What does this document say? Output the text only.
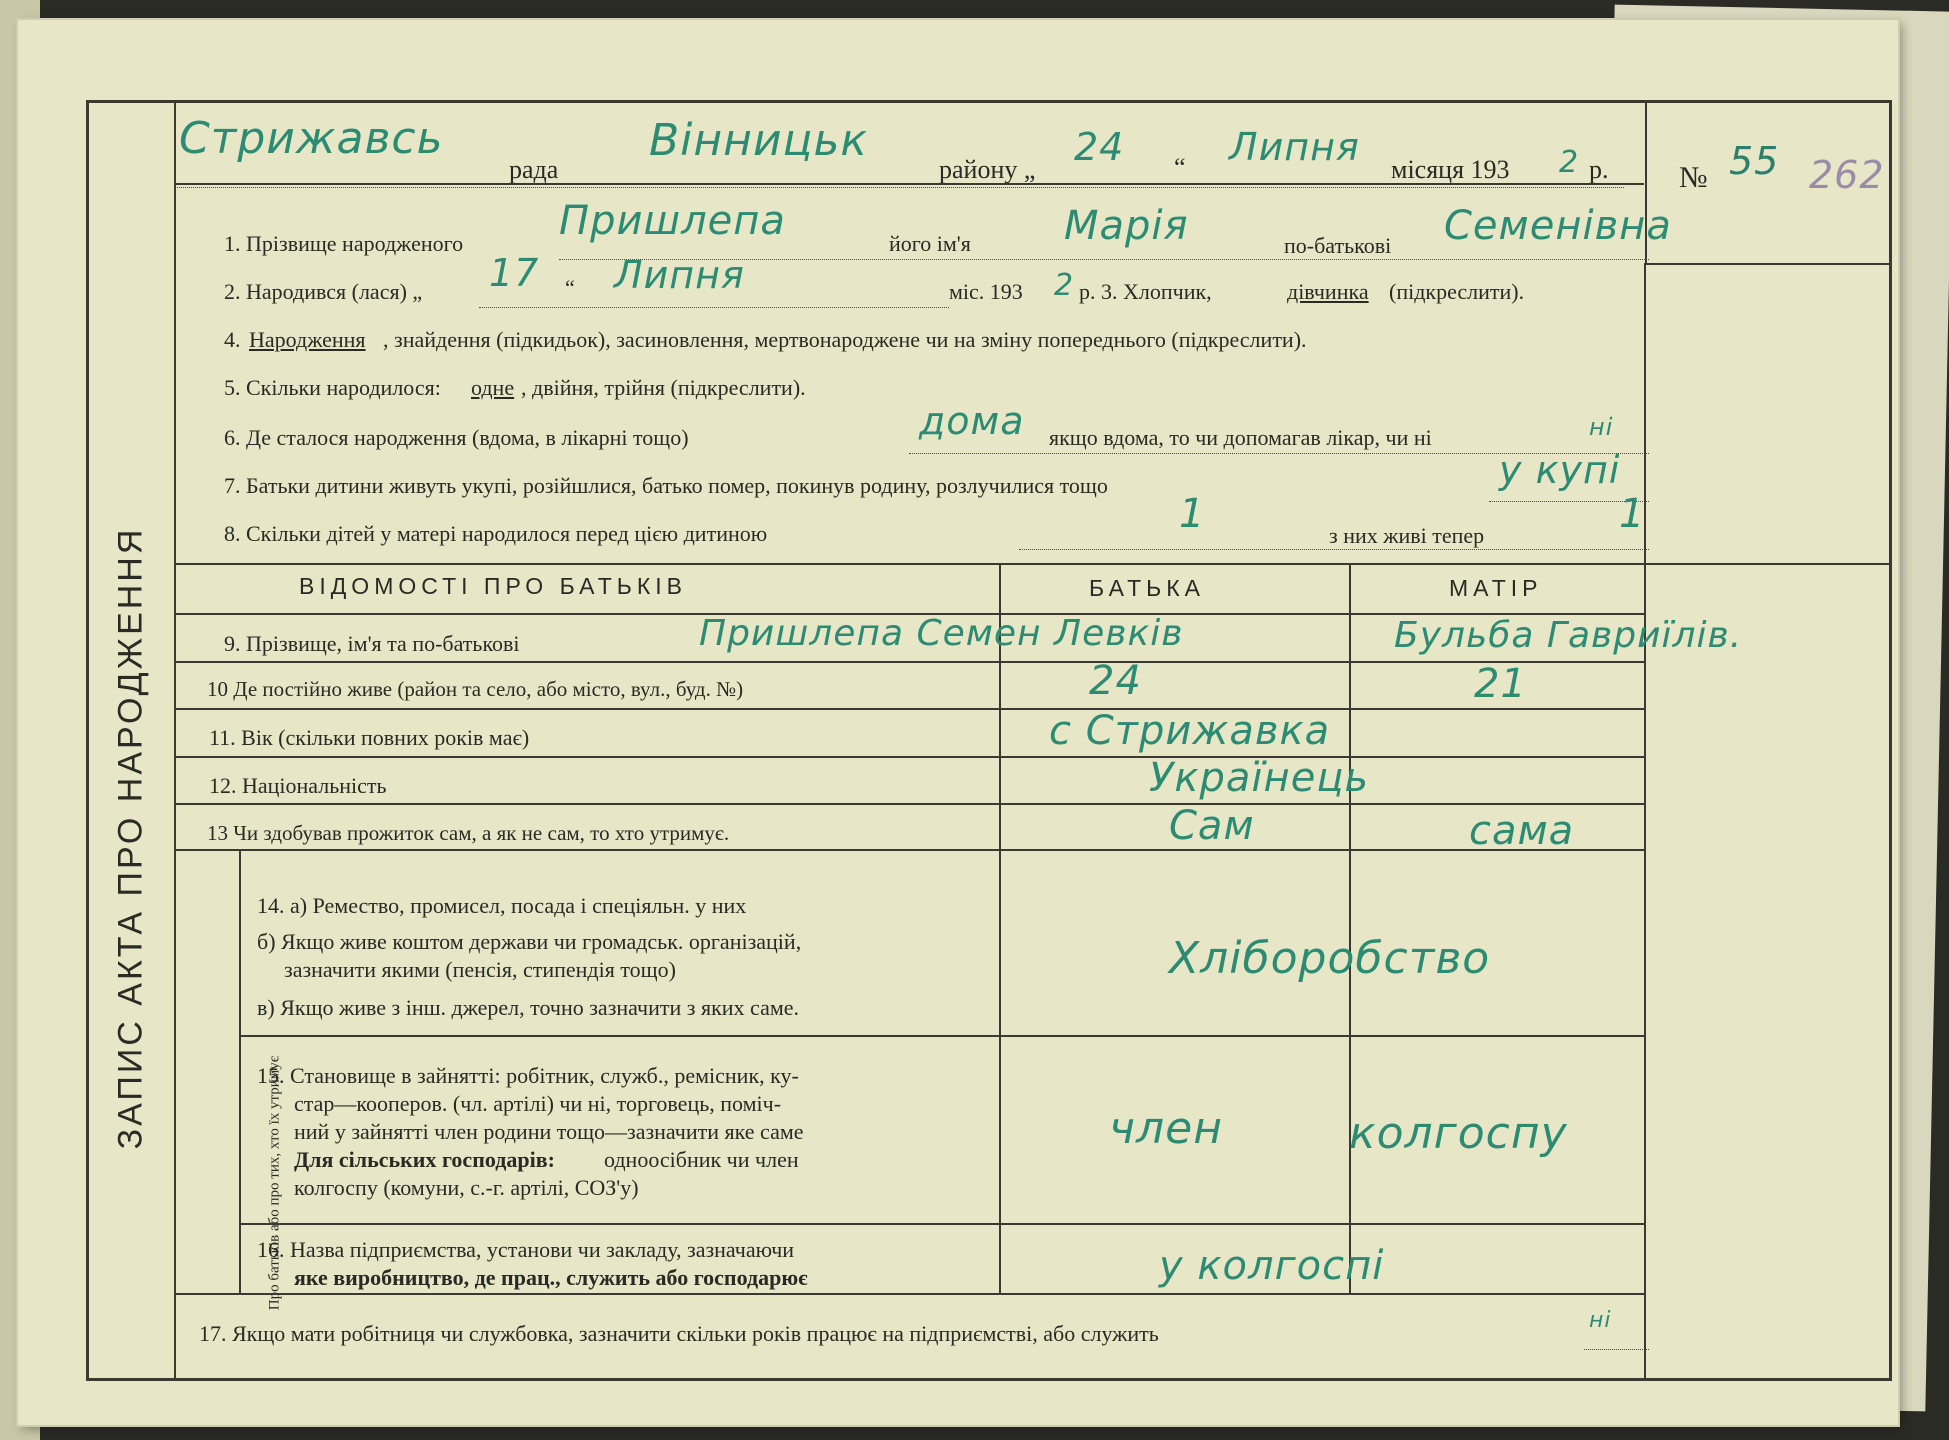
ЗАПИС АКТА ПРО НАРОДЖЕННЯ
Стрижавсь
рада
Вінницьк
району „
24 “ Липня
місяця 193 2 р. № 55 262
1. Прізвище народженого Пришлепа	його ім'я Марія	по-батькові Семенівна
2. Народився (лася) „ 17 “ Липня	міс. 193 2 р. 3. Хлопчик,	дівчинка (підкреслити).
4. Народження , знайдення (підкидьок), засиновлення, мертвонароджене чи на зміну попереднього (підкреслити).
5. Скільки народилося: одне , двійня, трійня (підкреслити).
6. Де сталося народження (вдома, в лікарні тощо)	дома якщо вдома, то чи допомагав лікар, чи ні	ні
7. Батьки дитини живуть укупі, розійшлися, батько помер, покинув родину, розлучилися тощо	у купі
8. Скільки дітей у матері народилося перед цією дитиною	1	з них живі тепер	1
ВІДОМОСТІ ПРО БАТЬКІВ	БАТЬКА	МАТІР
9. Прізвище, ім'я та по-батькові	Пришлепа Семен Левків	Бульба Гавриїлів.
10 Де постійно живе (район та село, або місто, вул., буд. №)	24	21
11. Вік (скільки повних років має)	с Стрижавка
12. Національність	Українець
13 Чи здобував прожиток сам, а як не сам, то хто утримує.	Сам	сама
Про батьків або про тих, хто їх утримує
14. а) Ремество, промисел, посада і спеціяльн. у них
б) Якщо живе коштом держави чи громадськ. організацій,
зазначити якими (пенсія, стипендія тощо)
в) Якщо живе з інш. джерел, точно зазначити з яких саме.
Хліборобство
15. Становище в зайнятті: робітник, служб., ремісник, ку-
стар—кооперов. (чл. артілі) чи ні, торговець, поміч-
ний у зайнятті член родини тощо—зазначити яке саме
Для сільських господарів: одноосібник чи член
колгоспу (комуни, с.-г. артілі, СОЗ'у)
член	колгоспу
16. Назва підприємства, установи чи закладу, зазначаючи
яке виробництво, де прац., служить або господарює	у колгоспі
17. Якщо мати робітниця чи службовка, зазначити скільки років працює на підприємстві, або служить
ні
